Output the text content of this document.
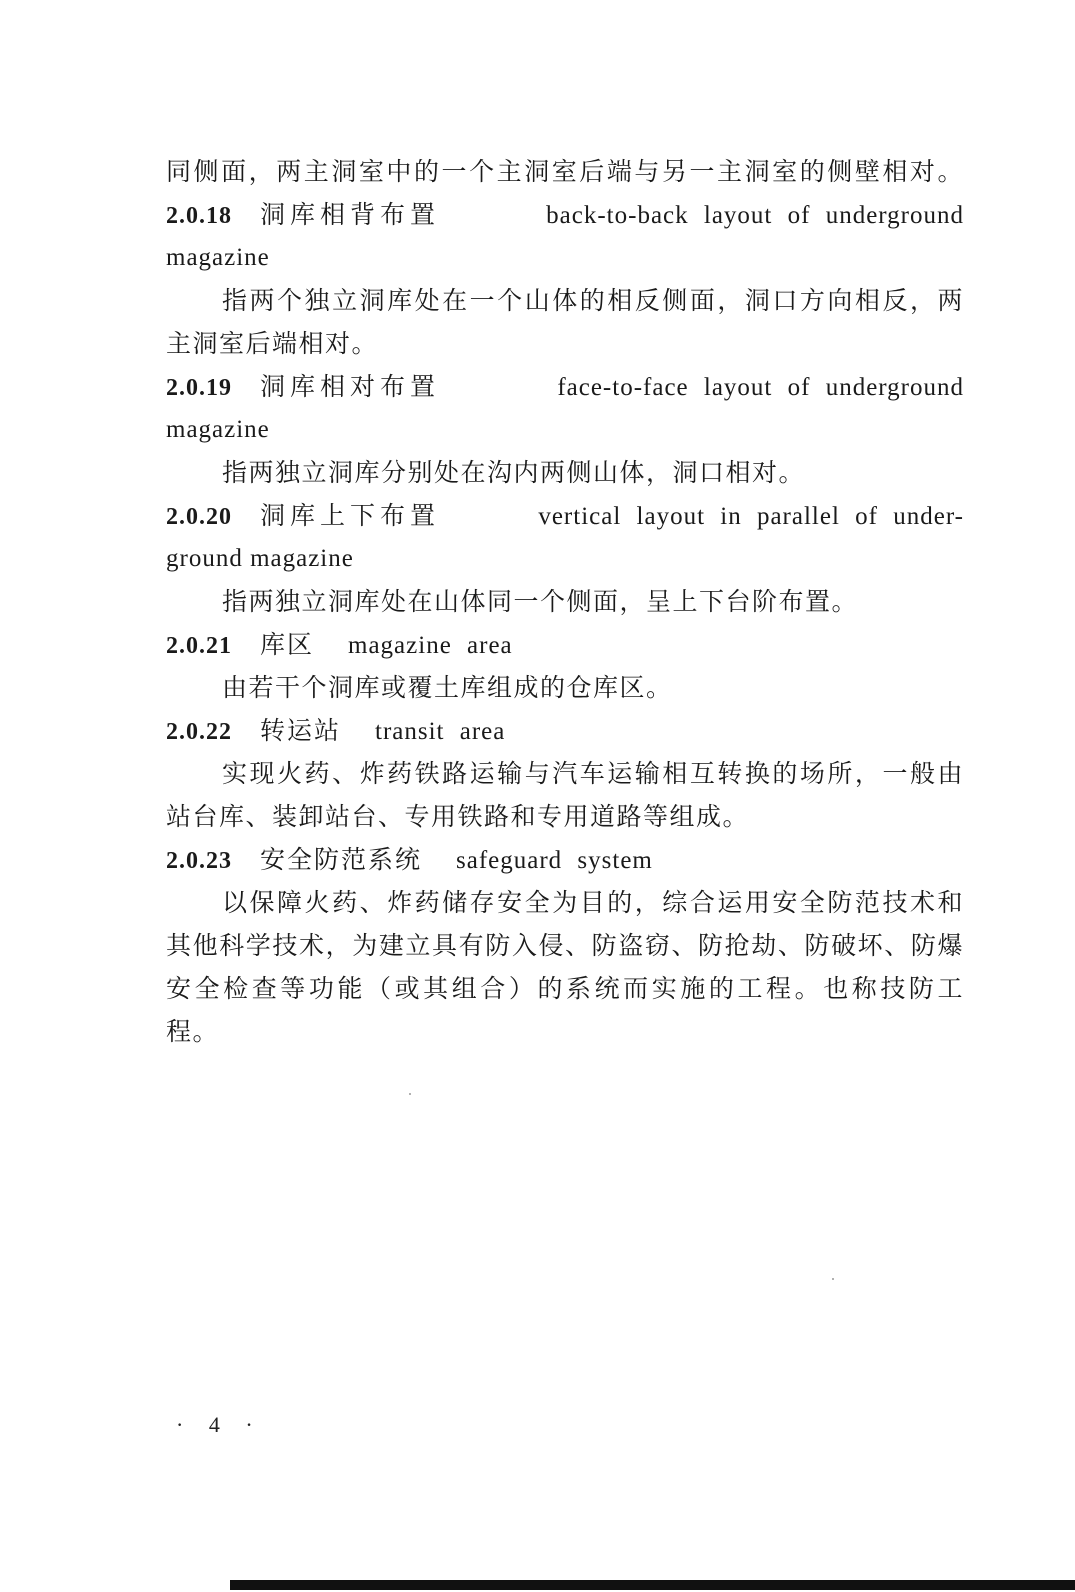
同侧面，两主洞室中的一个主洞室后端与另一主洞室的侧壁相对。
2.0.18 洞库相背布置	back-to-back layout of underground
magazine
指两个独立洞库处在一个山体的相反侧面，洞口方向相反，两
主洞室后端相对。
2.0.19 洞库相对布置	face-to-face layout of underground
magazine
指两独立洞库分别处在沟内两侧山体，洞口相对。
2.0.20 洞库上下布置	vertical layout in parallel of under-
ground magazine
指两独立洞库处在山体同一个侧面，呈上下台阶布置。
2.0.21 库区 magazine area
由若干个洞库或覆土库组成的仓库区。
2.0.22 转运站 transit area
实现火药、炸药铁路运输与汽车运输相互转换的场所，一般由
站台库、装卸站台、专用铁路和专用道路等组成。
2.0.23 安全防范系统 safeguard system
以保障火药、炸药储存安全为目的，综合运用安全防范技术和
其他科学技术，为建立具有防入侵、防盗窃、防抢劫、防破坏、防爆
安全检查等功能（或其组合）的系统而实施的工程。也称技防工
程。
· 4 ·
